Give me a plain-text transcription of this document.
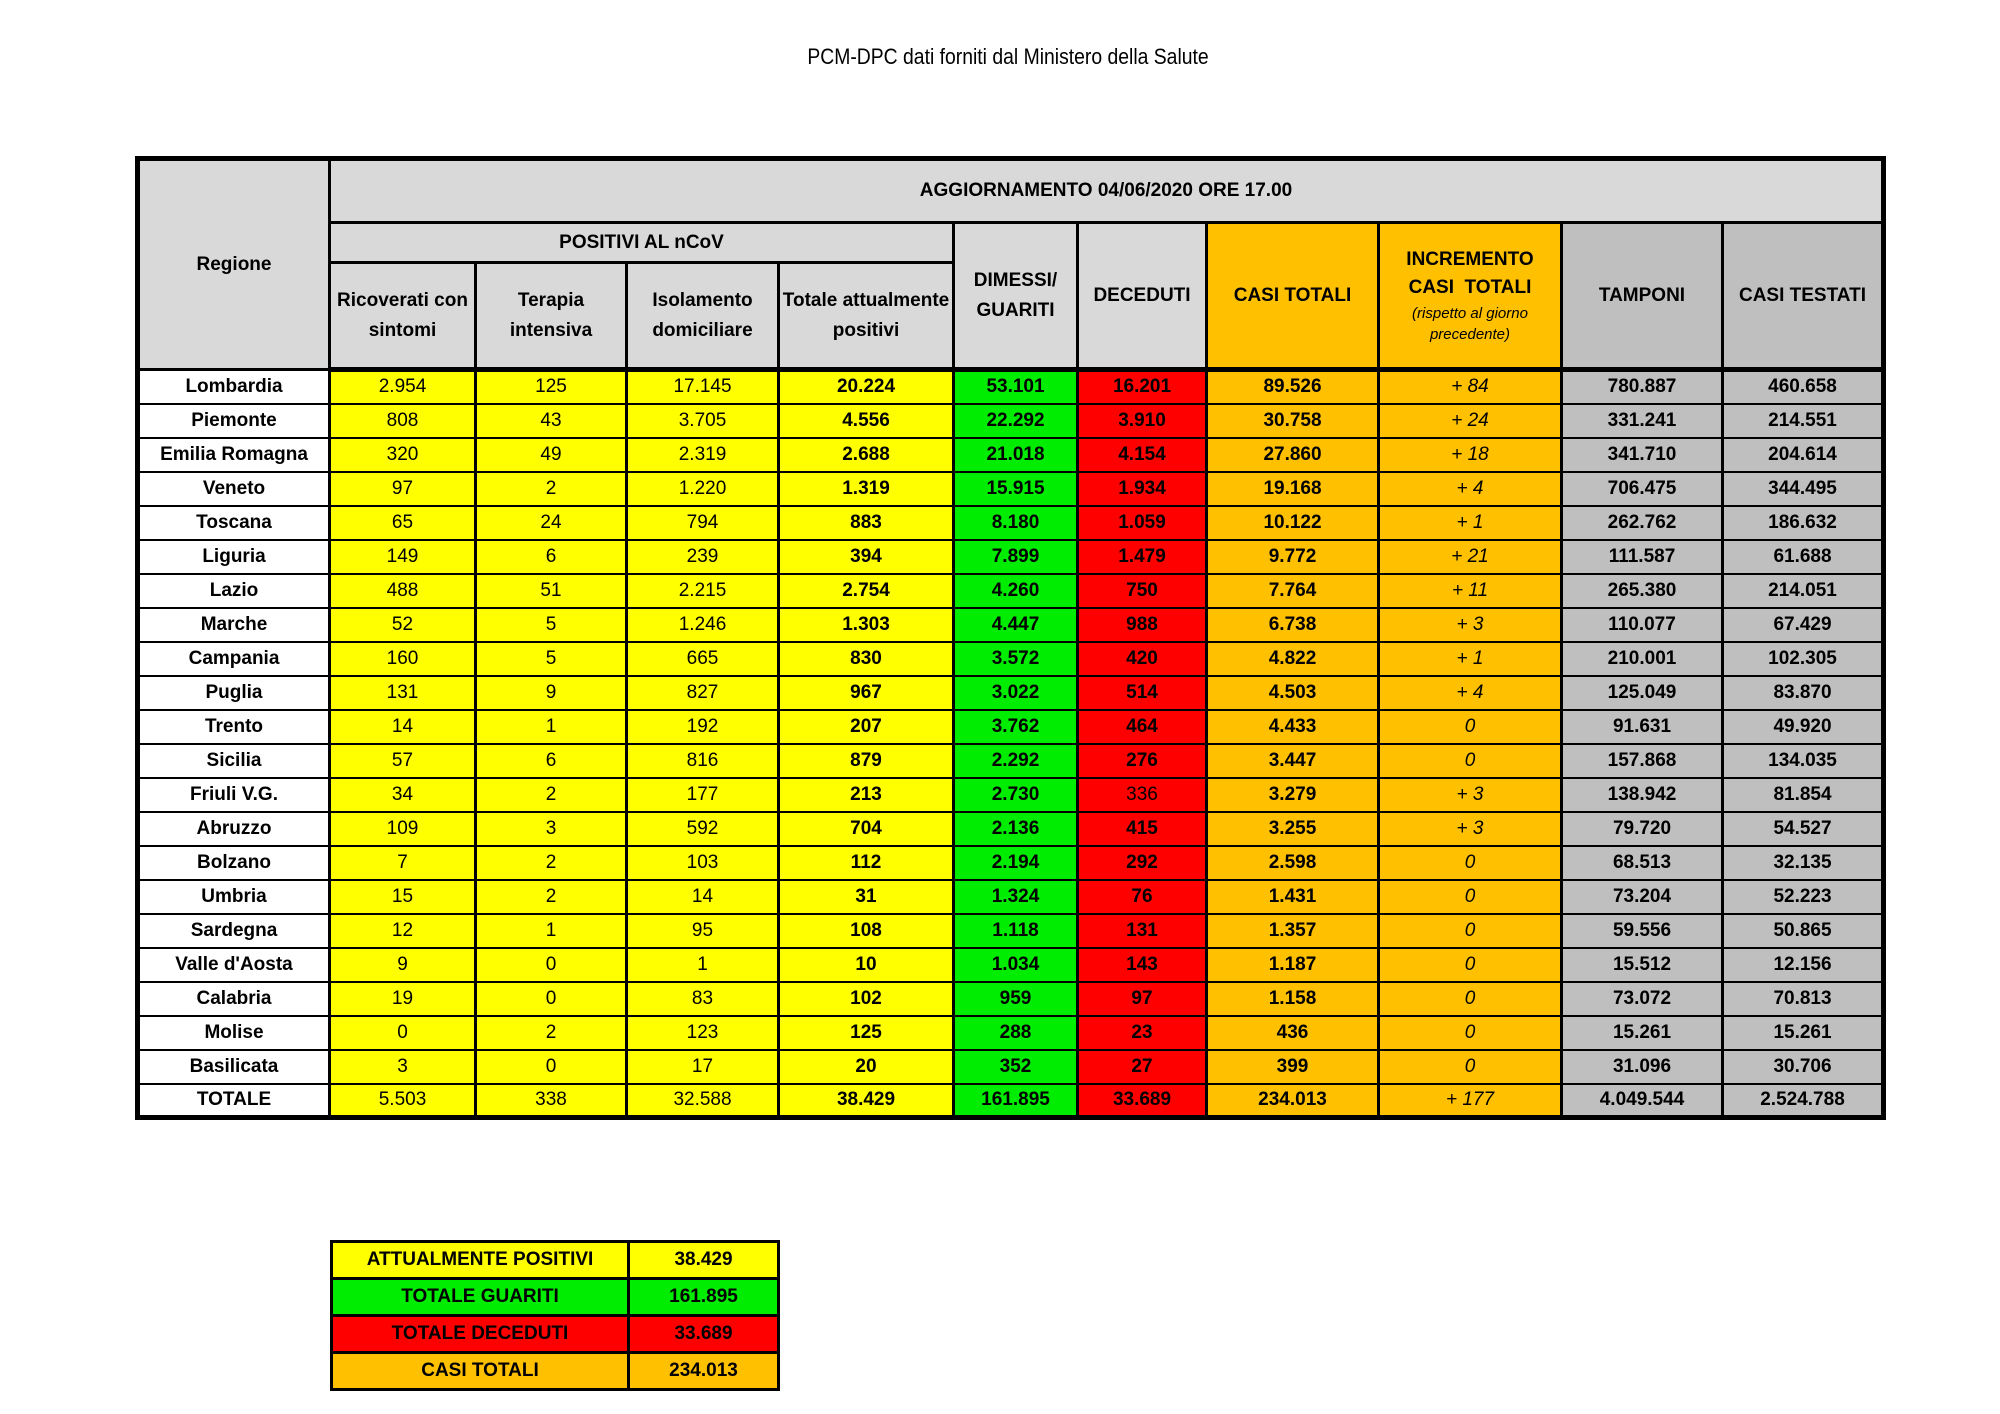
PCM-DPC dati forniti dal Ministero della Salute
Regione	AGGIORNAMENTO 04/06/2020 ORE 17.00									
	POSITIVI AL nCoV				DIMESSI/ GUARITI	DECEDUTI	CASI TOTALI	INCREMENTO
CASI  TOTALI
(rispetto al giorno precedente)	TAMPONI	CASI TESTATI
	Ricoverati con sintomi	Terapia intensiva	Isolamento domiciliare	Totale attualmente positivi						
Lombardia	2.954	125	17.145	20.224	53.101	16.201	89.526	+ 84	780.887	460.658
Piemonte	808	43	3.705	4.556	22.292	3.910	30.758	+ 24	331.241	214.551
Emilia Romagna	320	49	2.319	2.688	21.018	4.154	27.860	+ 18	341.710	204.614
Veneto	97	2	1.220	1.319	15.915	1.934	19.168	+ 4	706.475	344.495
Toscana	65	24	794	883	8.180	1.059	10.122	+ 1	262.762	186.632
Liguria	149	6	239	394	7.899	1.479	9.772	+ 21	111.587	61.688
Lazio	488	51	2.215	2.754	4.260	750	7.764	+ 11	265.380	214.051
Marche	52	5	1.246	1.303	4.447	988	6.738	+ 3	110.077	67.429
Campania	160	5	665	830	3.572	420	4.822	+ 1	210.001	102.305
Puglia	131	9	827	967	3.022	514	4.503	+ 4	125.049	83.870
Trento	14	1	192	207	3.762	464	4.433	0	91.631	49.920
Sicilia	57	6	816	879	2.292	276	3.447	0	157.868	134.035
Friuli V.G.	34	2	177	213	2.730	336	3.279	+ 3	138.942	81.854
Abruzzo	109	3	592	704	2.136	415	3.255	+ 3	79.720	54.527
Bolzano	7	2	103	112	2.194	292	2.598	0	68.513	32.135
Umbria	15	2	14	31	1.324	76	1.431	0	73.204	52.223
Sardegna	12	1	95	108	1.118	131	1.357	0	59.556	50.865
Valle d'Aosta	9	0	1	10	1.034	143	1.187	0	15.512	12.156
Calabria	19	0	83	102	959	97	1.158	0	73.072	70.813
Molise	0	2	123	125	288	23	436	0	15.261	15.261
Basilicata	3	0	17	20	352	27	399	0	31.096	30.706
TOTALE	5.503	338	32.588	38.429	161.895	33.689	234.013	+ 177	4.049.544	2.524.788
ATTUALMENTE POSITIVI	38.429
TOTALE GUARITI	161.895
TOTALE DECEDUTI	33.689
CASI TOTALI	234.013
